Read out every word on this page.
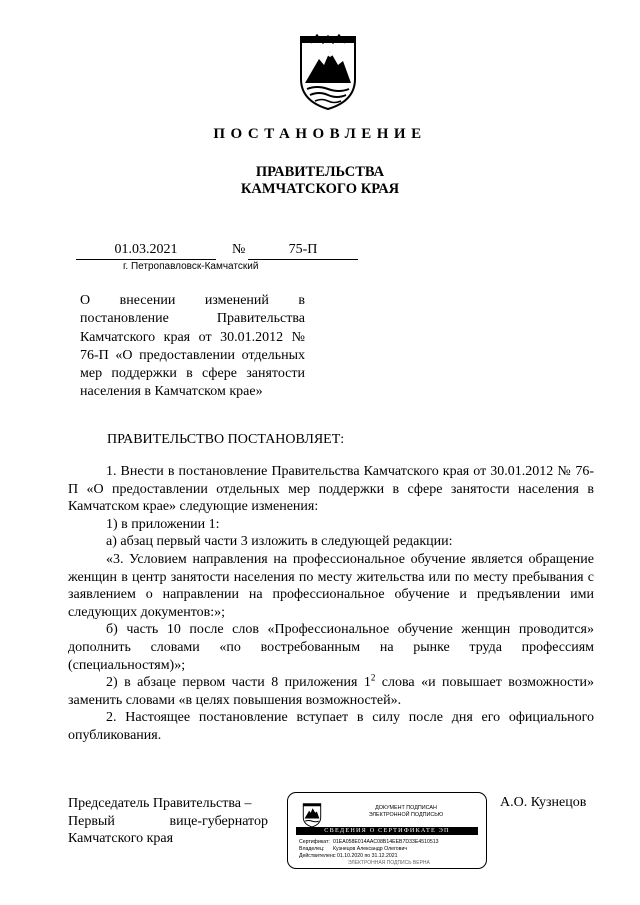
ПОСТАНОВЛЕНИЕ
ПРАВИТЕЛЬСТВА
КАМЧАТСКОГО КРАЯ
01.03.2021	№	75-П
г. Петропавловск-Камчатский
О внесении изменений в постановление Правительства Камчатского края от 30.01.2012 № 76-П «О предоставлении отдельных мер поддержки в сфере занятости населения в Камчатском крае»
ПРАВИТЕЛЬСТВО ПОСТАНОВЛЯЕТ:

1. Внести в постановление Правительства Камчатского края от 30.01.2012 № 76-П «О предоставлении отдельных мер поддержки в сфере занятости населения в Камчатском крае» следующие изменения:

1) в приложении 1:

а) абзац первый части 3 изложить в следующей редакции:

«3. Условием направления на профессиональное обучение является обращение женщин в центр занятости населения по месту жительства или по месту пребывания с заявлением о направлении на профессиональное обучение и предъявлении ими следующих документов:»;

б) часть 10 после слов «Профессиональное обучение женщин проводится» дополнить словами «по востребованным на рынке труда профессиям (специальностям)»;

2) в абзаце первом части 8 приложения $1^2$ слова «и повышает возможности» заменить словами «в целях повышения возможностей».

2. Настоящее постановление вступает в силу после дня его официального опубликования.

Председатель Правительства –
Первый вице-губернатор
Камчатского края
А.О. Кузнецов
ДОКУМЕНТ ПОДПИСАН
ЭЛЕКТРОННОЙ ПОДПИСЬЮ
СВЕДЕНИЯ О СЕРТИФИКАТЕ ЭП
Сертификат: 01EA058E014AAC08B14EEB7D33E4510513
Владелец:	Кузнецов Александр Олегович
Действителен:
с 01.10.2020 по 31.12.2021
ЭЛЕКТРОННАЯ ПОДПИСЬ ВЕРНА
